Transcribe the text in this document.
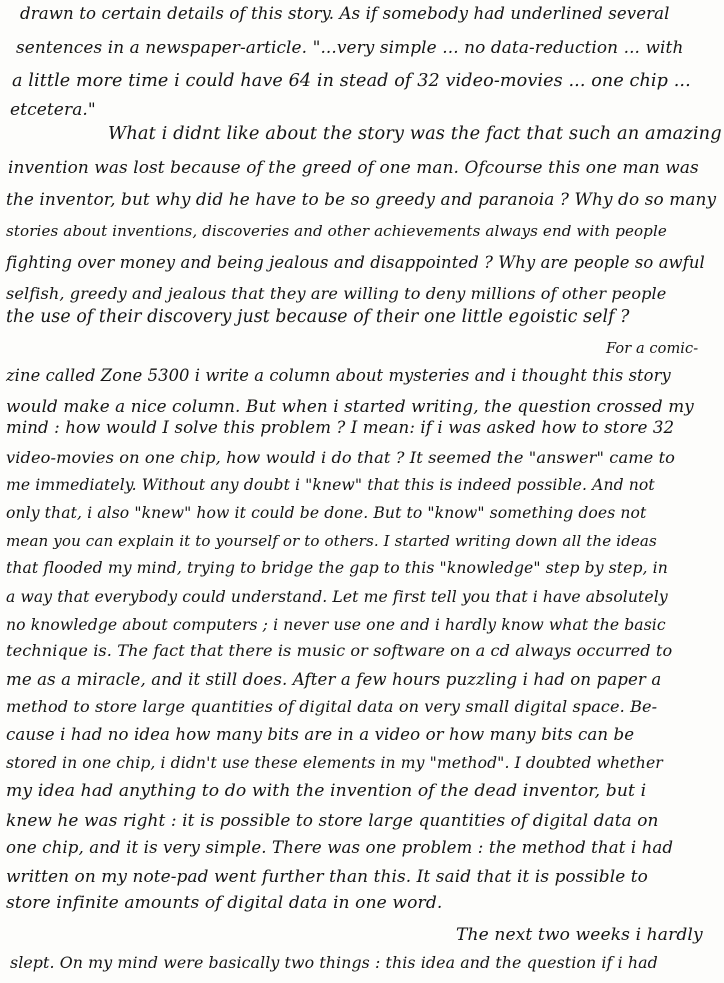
drawn to certain details of this story. As if somebody had underlined several
sentences in a newspaper-article. "...very simple ... no data-reduction ... with
a little more time i could have 64 in stead of 32 video-movies ... one chip ...
etcetera."
What i didnt like about the story was the fact that such an amazing
invention was lost because of the greed of one man. Ofcourse this one man was
the inventor, but why did he have to be so greedy and paranoia ? Why do so many
stories about inventions, discoveries and other achievements always end with people
fighting over money and being jealous and disappointed ? Why are people so awful
selfish, greedy and jealous that they are willing to deny millions of other people
the use of their discovery just because of their one little egoistic self ?
For a comic-
zine called Zone 5300 i write a column about mysteries and i thought this story
would make a nice column. But when i started writing, the question crossed my
mind : how would I solve this problem ? I mean: if i was asked how to store 32
video-movies on one chip, how would i do that ? It seemed the "answer" came to
me immediately. Without any doubt i "knew" that this is indeed possible. And not
only that, i also "knew" how it could be done. But to "know" something does not
mean you can explain it to yourself or to others. I started writing down all the ideas
that flooded my mind, trying to bridge the gap to this "knowledge" step by step, in
a way that everybody could understand. Let me first tell you that i have absolutely
no knowledge about computers ; i never use one and i hardly know what the basic
technique is. The fact that there is music or software on a cd always occurred to
me as a miracle, and it still does. After a few hours puzzling i had on paper a
method to store large quantities of digital data on very small digital space. Be-
cause i had no idea how many bits are in a video or how many bits can be
stored in one chip, i didn't use these elements in my "method". I doubted whether
my idea had anything to do with the invention of the dead inventor, but i
knew he was right : it is possible to store large quantities of digital data on
one chip, and it is very simple. There was one problem : the method that i had
written on my note-pad went further than this. It said that it is possible to
store infinite amounts of digital data in one word.
The next two weeks i hardly
slept. On my mind were basically two things : this idea and the question if i had
